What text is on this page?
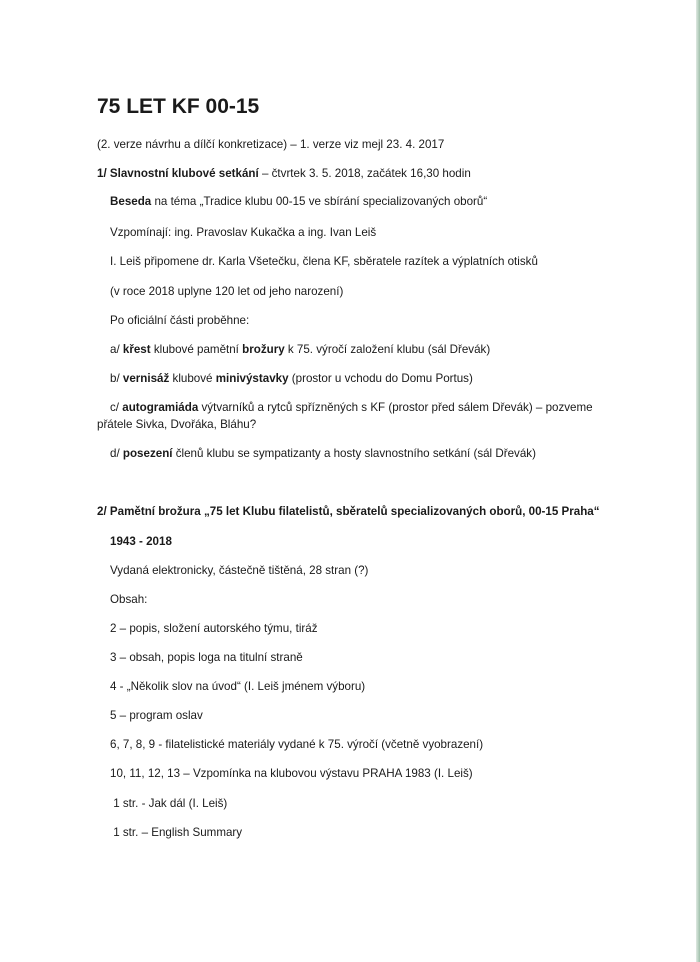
75 LET KF 00-15
(2. verze návrhu a dílčí konkretizace) – 1. verze viz mejl 23. 4. 2017
1/ Slavnostní klubové setkání – čtvrtek 3. 5. 2018, začátek 16,30 hodin
Beseda na téma „Tradice klubu 00-15 ve sbírání specializovaných oborů“
Vzpomínají: ing. Pravoslav Kukačka a ing. Ivan Leiš
I. Leiš připomene dr. Karla Všetečku, člena KF, sběratele razítek a výplatních otisků
(v roce 2018 uplyne 120 let od jeho narození)
Po oficiální části proběhne:
a/ křest klubové pamětní brožury k 75. výročí založení klubu (sál Dřevák)
b/ vernisáž klubové minivýstavky (prostor u vchodu do Domu Portus)
c/ autogramiáda výtvarníků a rytců spřízněných s KF (prostor před sálem Dřevák) – pozveme
přátele Sivka, Dvořáka, Bláhu?
d/ posezení členů klubu se sympatizanty a hosty slavnostního setkání (sál Dřevák)
2/ Pamětní brožura „75 let Klubu filatelistů, sběratelů specializovaných oborů, 00-15 Praha“
1943 - 2018
Vydaná elektronicky, částečně tištěná, 28 stran (?)
Obsah:
2 – popis, složení autorského týmu, tiráž
3 – obsah, popis loga na titulní straně
4 - „Několik slov na úvod“ (I. Leiš jménem výboru)
5 – program oslav
6, 7, 8, 9 - filatelistické materiály vydané k 75. výročí (včetně vyobrazení)
10, 11, 12, 13 – Vzpomínka na klubovou výstavu PRAHA 1983 (I. Leiš)
1 str. - Jak dál (I. Leiš)
1 str. – English Summary
